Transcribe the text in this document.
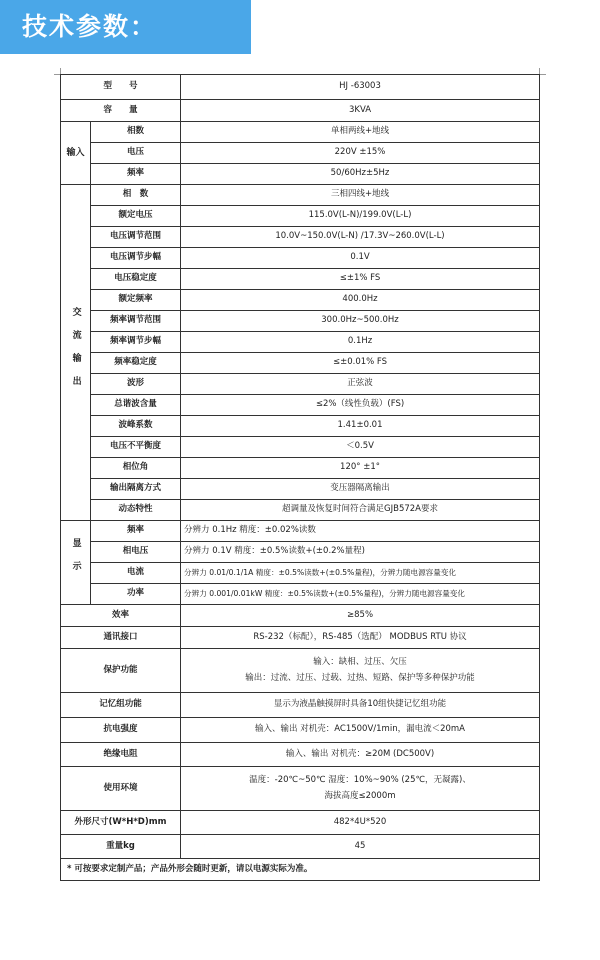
技术参数：
型　　号		HJ -63003
容　　量		3KVA
输入	相数	单相两线+地线
	电压	220V ±15%
	频率	50/60Hz±5Hz

交流输出	相　数	三相四线+地线
	额定电压	115.0V(L-N)/199.0V(L-L)
	电压调节范围	10.0V~150.0V(L-N) /17.3V~260.0V(L-L)
	电压调节步幅	0.1V
	电压稳定度	≤±1% FS
	额定频率	400.0Hz
	频率调节范围	300.0Hz~500.0Hz
	频率调节步幅	0.1Hz
	频率稳定度	≤±0.01% FS
	波形	正弦波
	总谐波含量	≤2%（线性负载）(FS)
	波峰系数	1.41±0.01
	电压不平衡度	＜0.5V
	相位角	120° ±1°
	输出隔离方式	变压器隔离输出
	动态特性	超调量及恢复时间符合满足GJB572A要求
显示	频率	分辨力 0.1Hz 精度：±0.02%读数
	相电压	分辨力 0.1V 精度：±0.5%读数+(±0.2%量程)
	电流	分辨力 0.01/0.1/1A 精度：±0.5%读数+(±0.5%量程)，分辨力随电源容量变化
	功率	分辨力 0.001/0.01kW 精度：±0.5%读数+(±0.5%量程)，分辨力随电源容量变化
效率		≥85%
通讯接口		RS-232（标配），RS-485（选配） MODBUS RTU 协议
保护功能		输入：缺相、过压、欠压
输出：过流、过压、过载、过热、短路、保护等多种保护功能

记忆组功能		显示为液晶触摸屏时具备10组快捷记忆组功能
抗电强度		输入、输出 对机壳：AC1500V/1min，漏电流＜20mA
绝缘电阻		输入、输出 对机壳：≥20M (DC500V)
使用环境		温度：-20℃~50℃ 湿度：10%~90% (25℃，无凝露)、
海拔高度≤2000m

外形尺寸(W*H*D)mm		482*4U*520
重量kg		45
* 可按要求定制产品；产品外形会随时更新，请以电源实际为准。		
